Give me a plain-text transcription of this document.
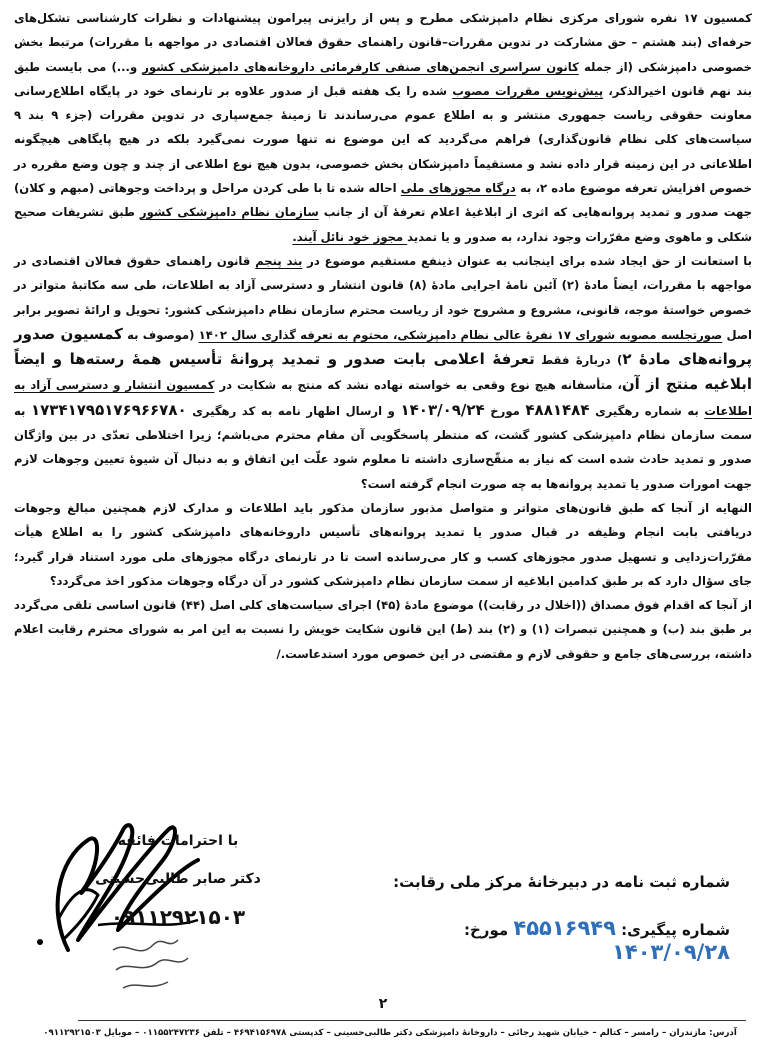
کمسیون ۱۷ نفره شورای مرکزی نظام دامپزشکی مطرح و پس از رایزنی پیرامون پیشنهادات و نظرات کارشناسی تشکل‌های حرفه‌ای (بند هشتم – حق مشارکت در تدوین مقررات–قانون راهنمای حقوق فعالان اقتصادی در مواجهه با مقررات) مرتبط بخش خصوصی دامپزشکی (از جمله کانون سراسری انجمن‌های صنفی کارفرمائی داروخانه‌های دامپزشکی کشور و...) می بایست طبق بند نهم قانون اخیرالذکر، پیش‌نویس مقررات مصوب شده را یک هفته قبل از صدور علاوه بر تارنمای خود در پایگاه اطلاع‌رسانی معاونت حقوقی ریاست جمهوری منتشر و به اطلاع عموم می‌رساندند تا زمینهٔ جمع‌سپاری در تدوین مقررات (جزء ۹ بند ۹ سیاست‌های کلی نظام قانون‌گذاری) فراهم می‌گردید که این موضوع نه تنها صورت نمی‌گیرد بلکه در هیچ پایگاهی هیچگونه اطلاعاتی در این زمینه قرار داده نشد و مستقیماً دامپزشکان بخش خصوصی، بدون هیچ نوع اطلاعی از چند و چون وضع مقرره در خصوص افزایش تعرفه موضوع ماده ۲، به درگاه مجوزهای ملی احاله شده تا با طی کردن مراحل و پرداخت وجوهاتی (مبهم و کلان) جهت صدور و تمدید پروانه‌هایی که اثری از ابلاغیهٔ اعلام تعرفهٔ آن از جانب سازمان نظام دامپزشکی کشور طبق تشریفات صحیح شکلی و ماهوی وضع مقرّرات وجود ندارد، به صدور و یا تمدید مجوز خود نائل آیند.

با استعانت از حق ایجاد شده برای اینجانب به عنوان ذینفع مستقیم موضوع در بند پنجم قانون راهنمای حقوق فعالان اقتصادی در مواجهه با مقررات، ایضاً مادهٔ (۲) آئین نامهٔ اجرایی مادهٔ (۸) قانون انتشار و دسترسی آزاد به اطلاعات، طی سه مکاتبهٔ متواتر در خصوص خواستهٔ موجه، قانونی، مشروع و مشروح خود از ریاست محترم سازمان نظام دامپزشکی کشور: تحویل و ارائهٔ تصویر برابر اصل صورتجلسه مصوبه شورای ۱۷ نفرهٔ عالی نظام دامپزشکی، محتوم به تعرفه گذاری سال ۱۴۰۲ (موصوف به کمسیون صدور پروانه‌های مادهٔ ۲) دربارهٔ فقط تعرفهٔ اعلامی بابت صدور و تمدید پروانهٔ تأسیس همهٔ رسته‌ها و ایضاً ابلاغیه منتج از آن، متأسفانه هیچ نوع وقعی به خواسته نهاده نشد که منتج به شکایت در کمسیون انتشار و دسترسی آزاد به اطلاعات به شماره رهگیری ۴۸۸۱۴۸۴ مورخ ۱۴۰۳/۰۹/۲۴ و ارسال اظهار نامه به کد رهگیری ۱۷۳۴۱۷۹۵۱۷۶۹۶۶۷۸۰ به سمت سازمان نظام دامپزشکی کشور گشت، که منتظر پاسخگویی آن مقام محترم می‌باشم؛ زیرا اختلاطی تعدّی در بین واژگان صدور و تمدید حادث شده است که نیاز به منقّح‌سازی داشته تا معلوم شود علّت این اتفاق و به دنبال آن شیوهٔ تعیین وجوهات لازم جهت امورات صدور یا تمدید پروانه‌ها به چه صورت انجام گرفته است؟

النهایه از آنجا که طبق قانون‌های متواتر و متواصل مذبور سازمان مذکور باید اطلاعات و مدارک لازم همچنین مبالغ وجوهات دریافتی بابت انجام وظیفه در قبال صدور یا تمدید پروانه‌های تأسیس داروخانه‌های دامپزشکی کشور را به اطلاع هیأت مقرّرات‌زدایی و تسهیل صدور مجوزهای کسب و کار می‌رسانده است تا در تارنمای درگاه مجوزهای ملی مورد استناد قرار گیرد؛ جای سؤال دارد که بر طبق کدامین ابلاغیه از سمت سازمان نظام دامپزشکی کشور در آن درگاه وجوهات مذکور اخذ می‌گردد؟

از آنجا که اقدام فوق مصداق ((اخلال در رقابت)) موضوع مادهٔ (۴۵) اجرای سیاست‌های کلی اصل (۴۴) قانون اساسی تلقی می‌گردد بر طبق بند (ب) و همچنین تبصرات (۱) و (۲) بند (ط) این قانون شکایت خویش را نسبت به این امر به شورای محترم رقابت اعلام داشته، بررسی‌های جامع و حقوقی لازم و مقتضی در این خصوص مورد استدعاست./

با احترامات فائقه
دکتر صابر طالبی‌حسینی
۰۹۱۱۲۹۲۱۵۰۳
شماره ثبت نامه در دبیرخانهٔ مرکز ملی رقابت:
شماره پیگیری: ۴۵۵۱۶۹۴۹ مورخ: ۱۴۰۳/۰۹/۲۸
۲
آدرس: مازندران – رامسر – کتالم – خیابان شهید رجائی – داروخانهٔ دامپزشکی دکتر طالبی‌حسینی – کدپستی ۴۶۹۴۱۵۶۹۷۸ – تلفن ۰۱۱۵۵۲۴۷۲۳۶ – موبایل ۰۹۱۱۲۹۲۱۵۰۳
